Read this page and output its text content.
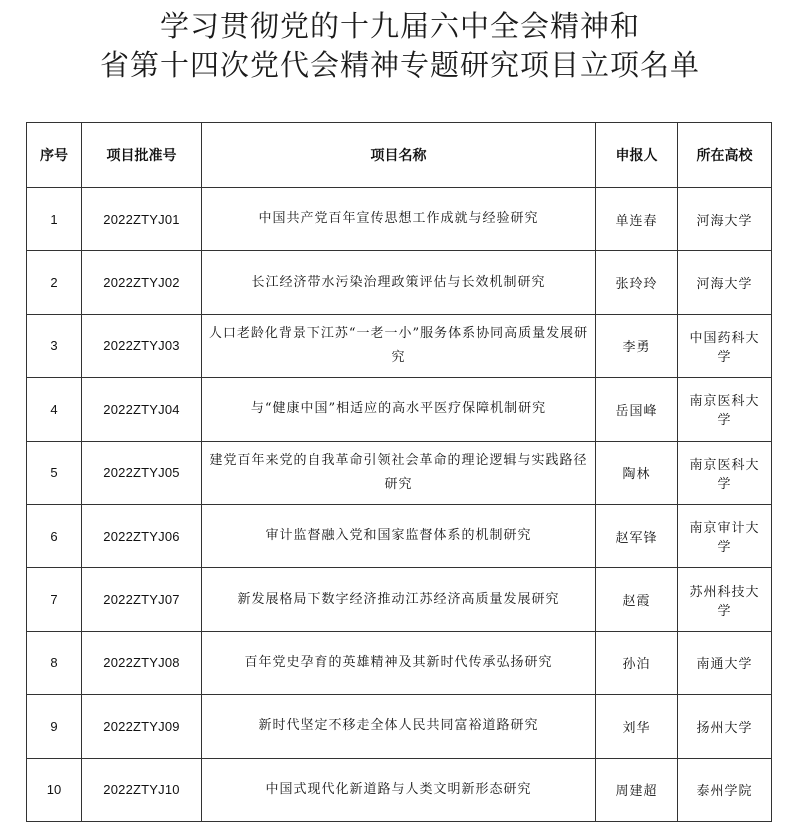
学习贯彻党的十九届六中全会精神和
省第十四次党代会精神专题研究项目立项名单
序号	项目批准号	项目名称	申报人	所在高校
1	2022ZTYJ01	中国共产党百年宣传思想工作成就与经验研究	单连春	河海大学
2	2022ZTYJ02	长江经济带水污染治理政策评估与长效机制研究	张玲玲	河海大学
3	2022ZTYJ03	人口老龄化背景下江苏“一老一小”服务体系协同高质量发展研究	李勇	中国药科大学
4	2022ZTYJ04	与“健康中国”相适应的高水平医疗保障机制研究	岳国峰	南京医科大学
5	2022ZTYJ05	建党百年来党的自我革命引领社会革命的理论逻辑与实践路径研究	陶林	南京医科大学
6	2022ZTYJ06	审计监督融入党和国家监督体系的机制研究	赵军锋	南京审计大学
7	2022ZTYJ07	新发展格局下数字经济推动江苏经济高质量发展研究	赵霞	苏州科技大学
8	2022ZTYJ08	百年党史孕育的英雄精神及其新时代传承弘扬研究	孙泊	南通大学
9	2022ZTYJ09	新时代坚定不移走全体人民共同富裕道路研究	刘华	扬州大学
10	2022ZTYJ10	中国式现代化新道路与人类文明新形态研究	周建超	泰州学院
